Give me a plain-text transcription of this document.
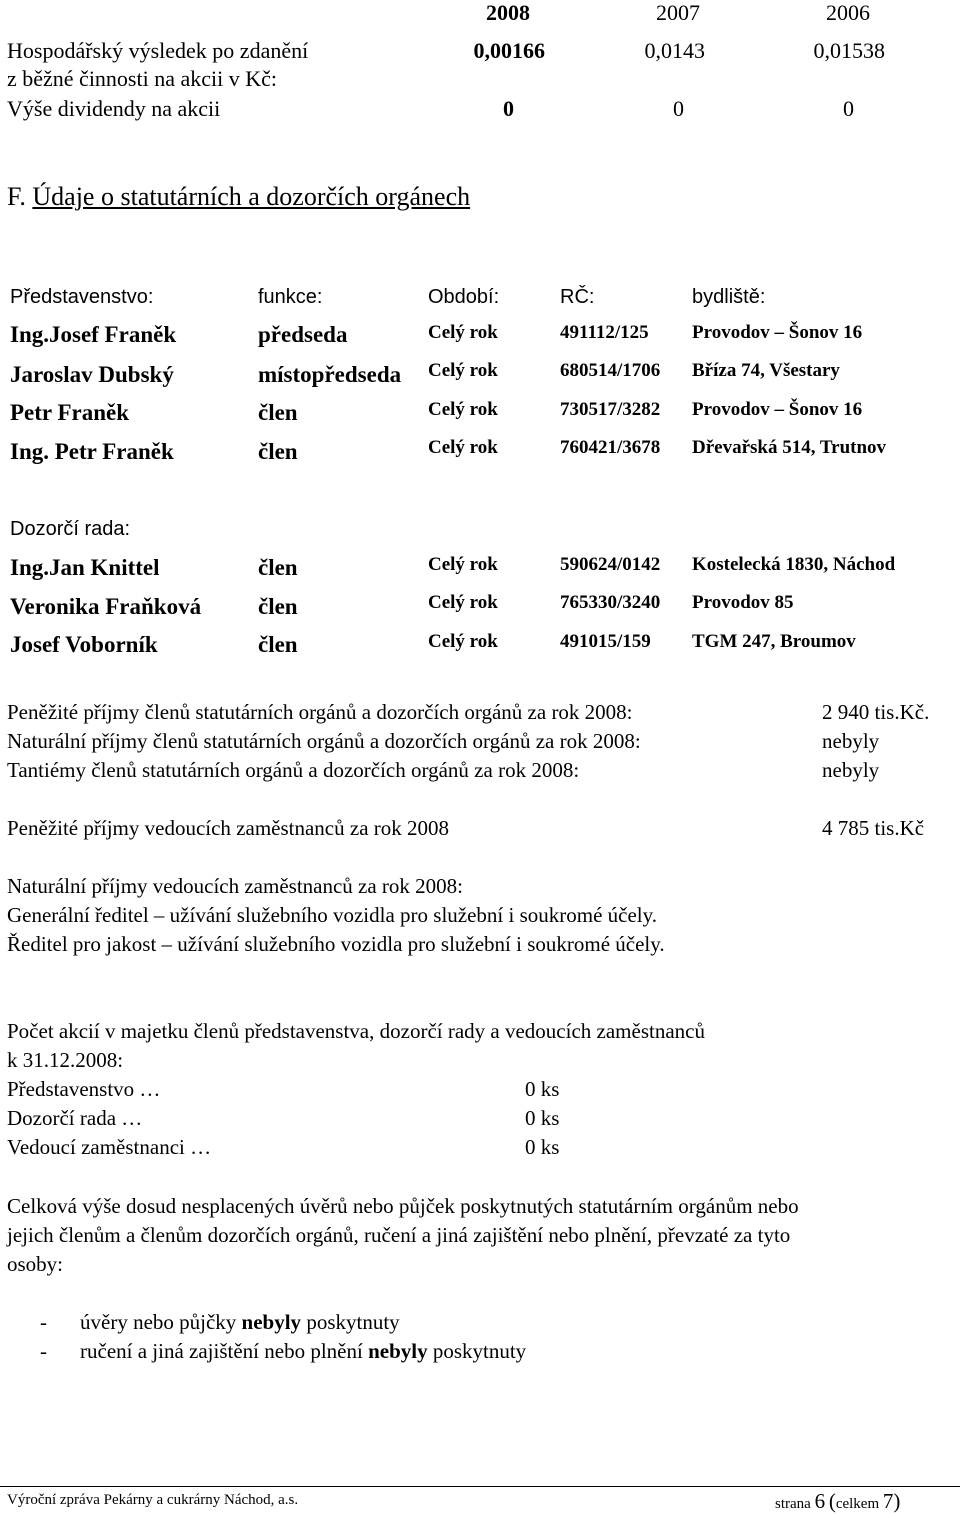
2008	2007	2006
Hospodářský výsledek po zdanění
z běžné činnosti na akcii v Kč:
0,00166	0,0143	0,01538
Výše dividendy na akcii	0	0	0
F. Údaje o statutárních a dozorčích orgánech
Představenstvo:	funkce:	Období:	RČ:	bydliště:
Ing.Josef Franěk	předseda	Celý rok	491112/125 Provodov – Šonov 16
Jaroslav Dubský	místopředseda Celý rok	680514/1706 Bříza 74, Všestary
Petr Franěk	člen	Celý rok	730517/3282 Provodov – Šonov 16
Ing. Petr Franěk	člen	Celý rok	760421/3678 Dřevařská 514, Trutnov
Dozorčí rada:
Ing.Jan Knittel	člen	Celý rok	590624/0142 Kostelecká 1830, Náchod
Veronika Fraňková člen	Celý rok	765330/3240 Provodov 85
Josef Voborník	člen	Celý rok	491015/159 TGM 247, Broumov
Peněžité příjmy členů statutárních orgánů a dozorčích orgánů za rok 2008:	2 940 tis.Kč.
Naturální příjmy členů statutárních orgánů a dozorčích orgánů za rok 2008:	nebyly
Tantiémy členů statutárních orgánů a dozorčích orgánů za rok 2008:	nebyly
Peněžité příjmy vedoucích zaměstnanců za rok 2008	4 785 tis.Kč
Naturální příjmy vedoucích zaměstnanců za rok 2008:
Generální ředitel – užívání služebního vozidla pro služební i soukromé účely.
Ředitel pro jakost – užívání služebního vozidla pro služební i soukromé účely.
Počet akcií v majetku členů představenstva, dozorčí rady a vedoucích zaměstnanců
k 31.12.2008:
Představenstvo …	0 ks
Dozorčí rada …	0 ks
Vedoucí zaměstnanci …	0 ks
Celková výše dosud nesplacených úvěrů nebo půjček poskytnutých statutárním orgánům nebo
jejich členům a členům dozorčích orgánů, ručení a jiná zajištění nebo plnění, převzaté za tyto
osoby:
- úvěry nebo půjčky nebyly poskytnuty
- ručení a jiná zajištění nebo plnění nebyly poskytnuty
Výroční zpráva Pekárny a cukrárny Náchod, a.s.	strana 6 (celkem 7)
